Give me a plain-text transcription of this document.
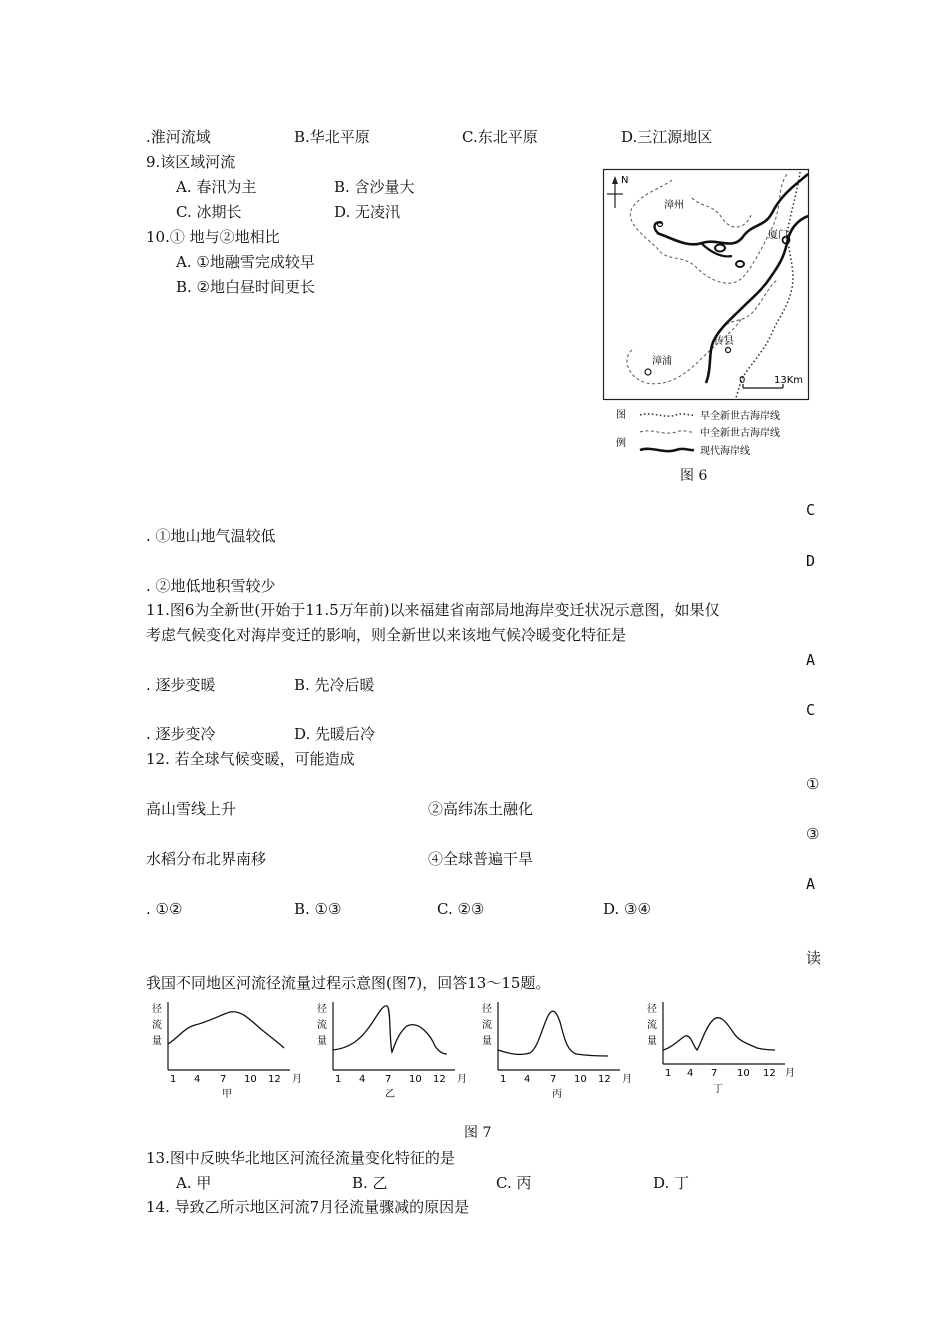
.淮河流域	B.华北平原	C.东北平原	D.三江源地区
9.该区域河流
A. 春汛为主	B. 含沙量大
C. 冰期长	D. 无凌汛
10.① 地与②地相比
A. ①地融雪完成较早
B. ②地白昼时间更长
N
漳州
厦门
漳浦
传县
0	13Km
图
例
早全新世古海岸线
中全新世古海岸线
现代海岸线
图 6
C
. ①地山地气温较低
D
. ②地低地积雪较少
11.图6为全新世(开始于11.5万年前)以来福建省南部局地海岸变迁状况示意图，如果仅
考虑气候变化对海岸变迁的影响，则全新世以来该地气候冷暖变化特征是
A
. 逐步变暖	B. 先冷后暖
C
. 逐步变冷	D. 先暖后冷
12. 若全球气候变暖，可能造成
①
高山雪线上升	②高纬冻土融化
③
水稻分布北界南移	④全球普遍干旱
A
. ①②	B. ①③	C. ②③	D. ③④
读
我国不同地区河流径流量过程示意图(图7)，回答13～15题。
径
流
量
1 4 7 10 12 月
甲
径
流
量
1 4 7 10 12 月
乙
径
流
量
1 4 7 10 12 月
丙
径
流
量
1 4 7 10 12 月
丁
图 7
13.图中反映华北地区河流径流量变化特征的是
A. 甲	B. 乙	C. 丙	D. 丁
14. 导致乙所示地区河流7月径流量骤减的原因是
